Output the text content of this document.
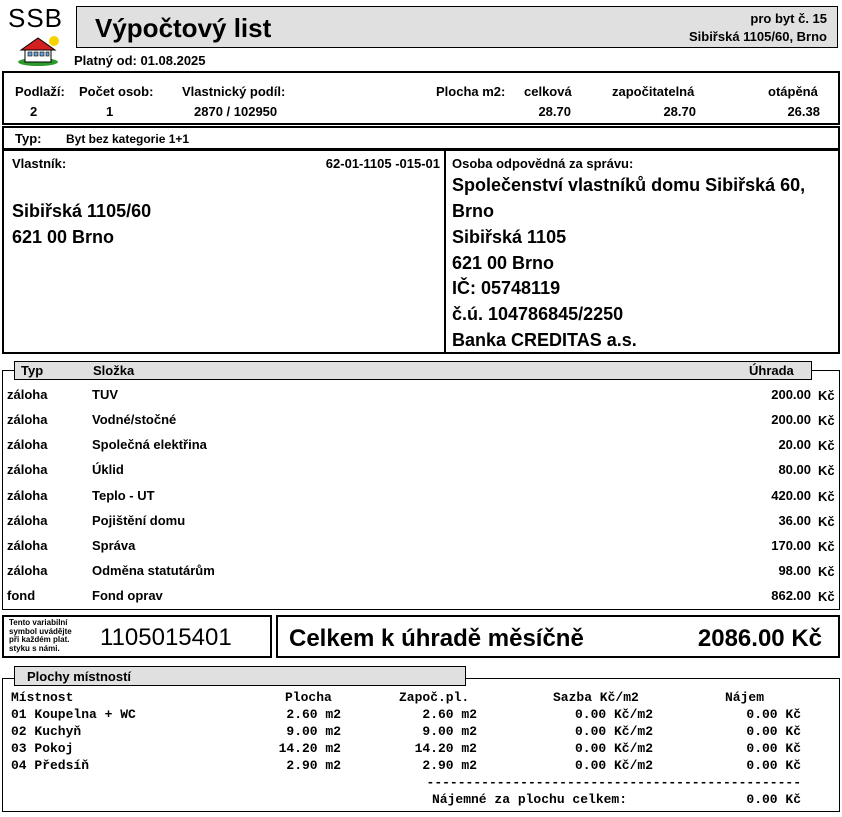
SSB Výpočtový list	pro byt č. 15
Sibiřská 1105/60, Brno
Platný od: 01.08.2025
Podlaží:
2
Počet osob:
1
Vlastnický podíl:
2870 / 102950
Plocha m2: celková
28.70
započitatelná
28.70
otápěná
26.38
Typ: Byt bez kategorie 1+1
Vlastník:	62-01-1105 -015-01
Sibiřská 1105/60
621 00 Brno
Osoba odpovědná za správu:
Společenství vlastníků domu Sibiřská 60,
Brno
Sibiřská 1105
621 00 Brno
IČ: 05748119
č.ú. 104786845/2250
Banka CREDITAS a.s.
Typ	Složka	Úhrada
záloha	TUV	200.00 Kč
záloha	Vodné/stočné	200.00 Kč
záloha	Společná elektřina	20.00 Kč
záloha	Úklid	80.00 Kč
záloha	Teplo - UT	420.00 Kč
záloha	Pojištění domu	36.00 Kč
záloha	Správa	170.00 Kč
záloha	Odměna statutárům	98.00 Kč
fond	Fond oprav	862.00 Kč
Tento variabilní
symbol uvádějte
při každém plat.
styku s námi.	1105015401 Celkem k úhradě měsíčně	2086.00 Kč
Plochy místností
Místnost	Plocha	Započ.pl.	Sazba Kč/m2	Nájem
01 Koupelna + WC	2.60 m2	2.60 m2	0.00 Kč/m2	0.00 Kč
02 Kuchyň	9.00 m2	9.00 m2	0.00 Kč/m2	0.00 Kč
03 Pokoj	14.20 m2	14.20 m2	0.00 Kč/m2	0.00 Kč
04 Předsíň	2.90 m2	2.90 m2	0.00 Kč/m2	0.00 Kč
------------------------------------------------
Nájemné za plochu celkem:	0.00 Kč
